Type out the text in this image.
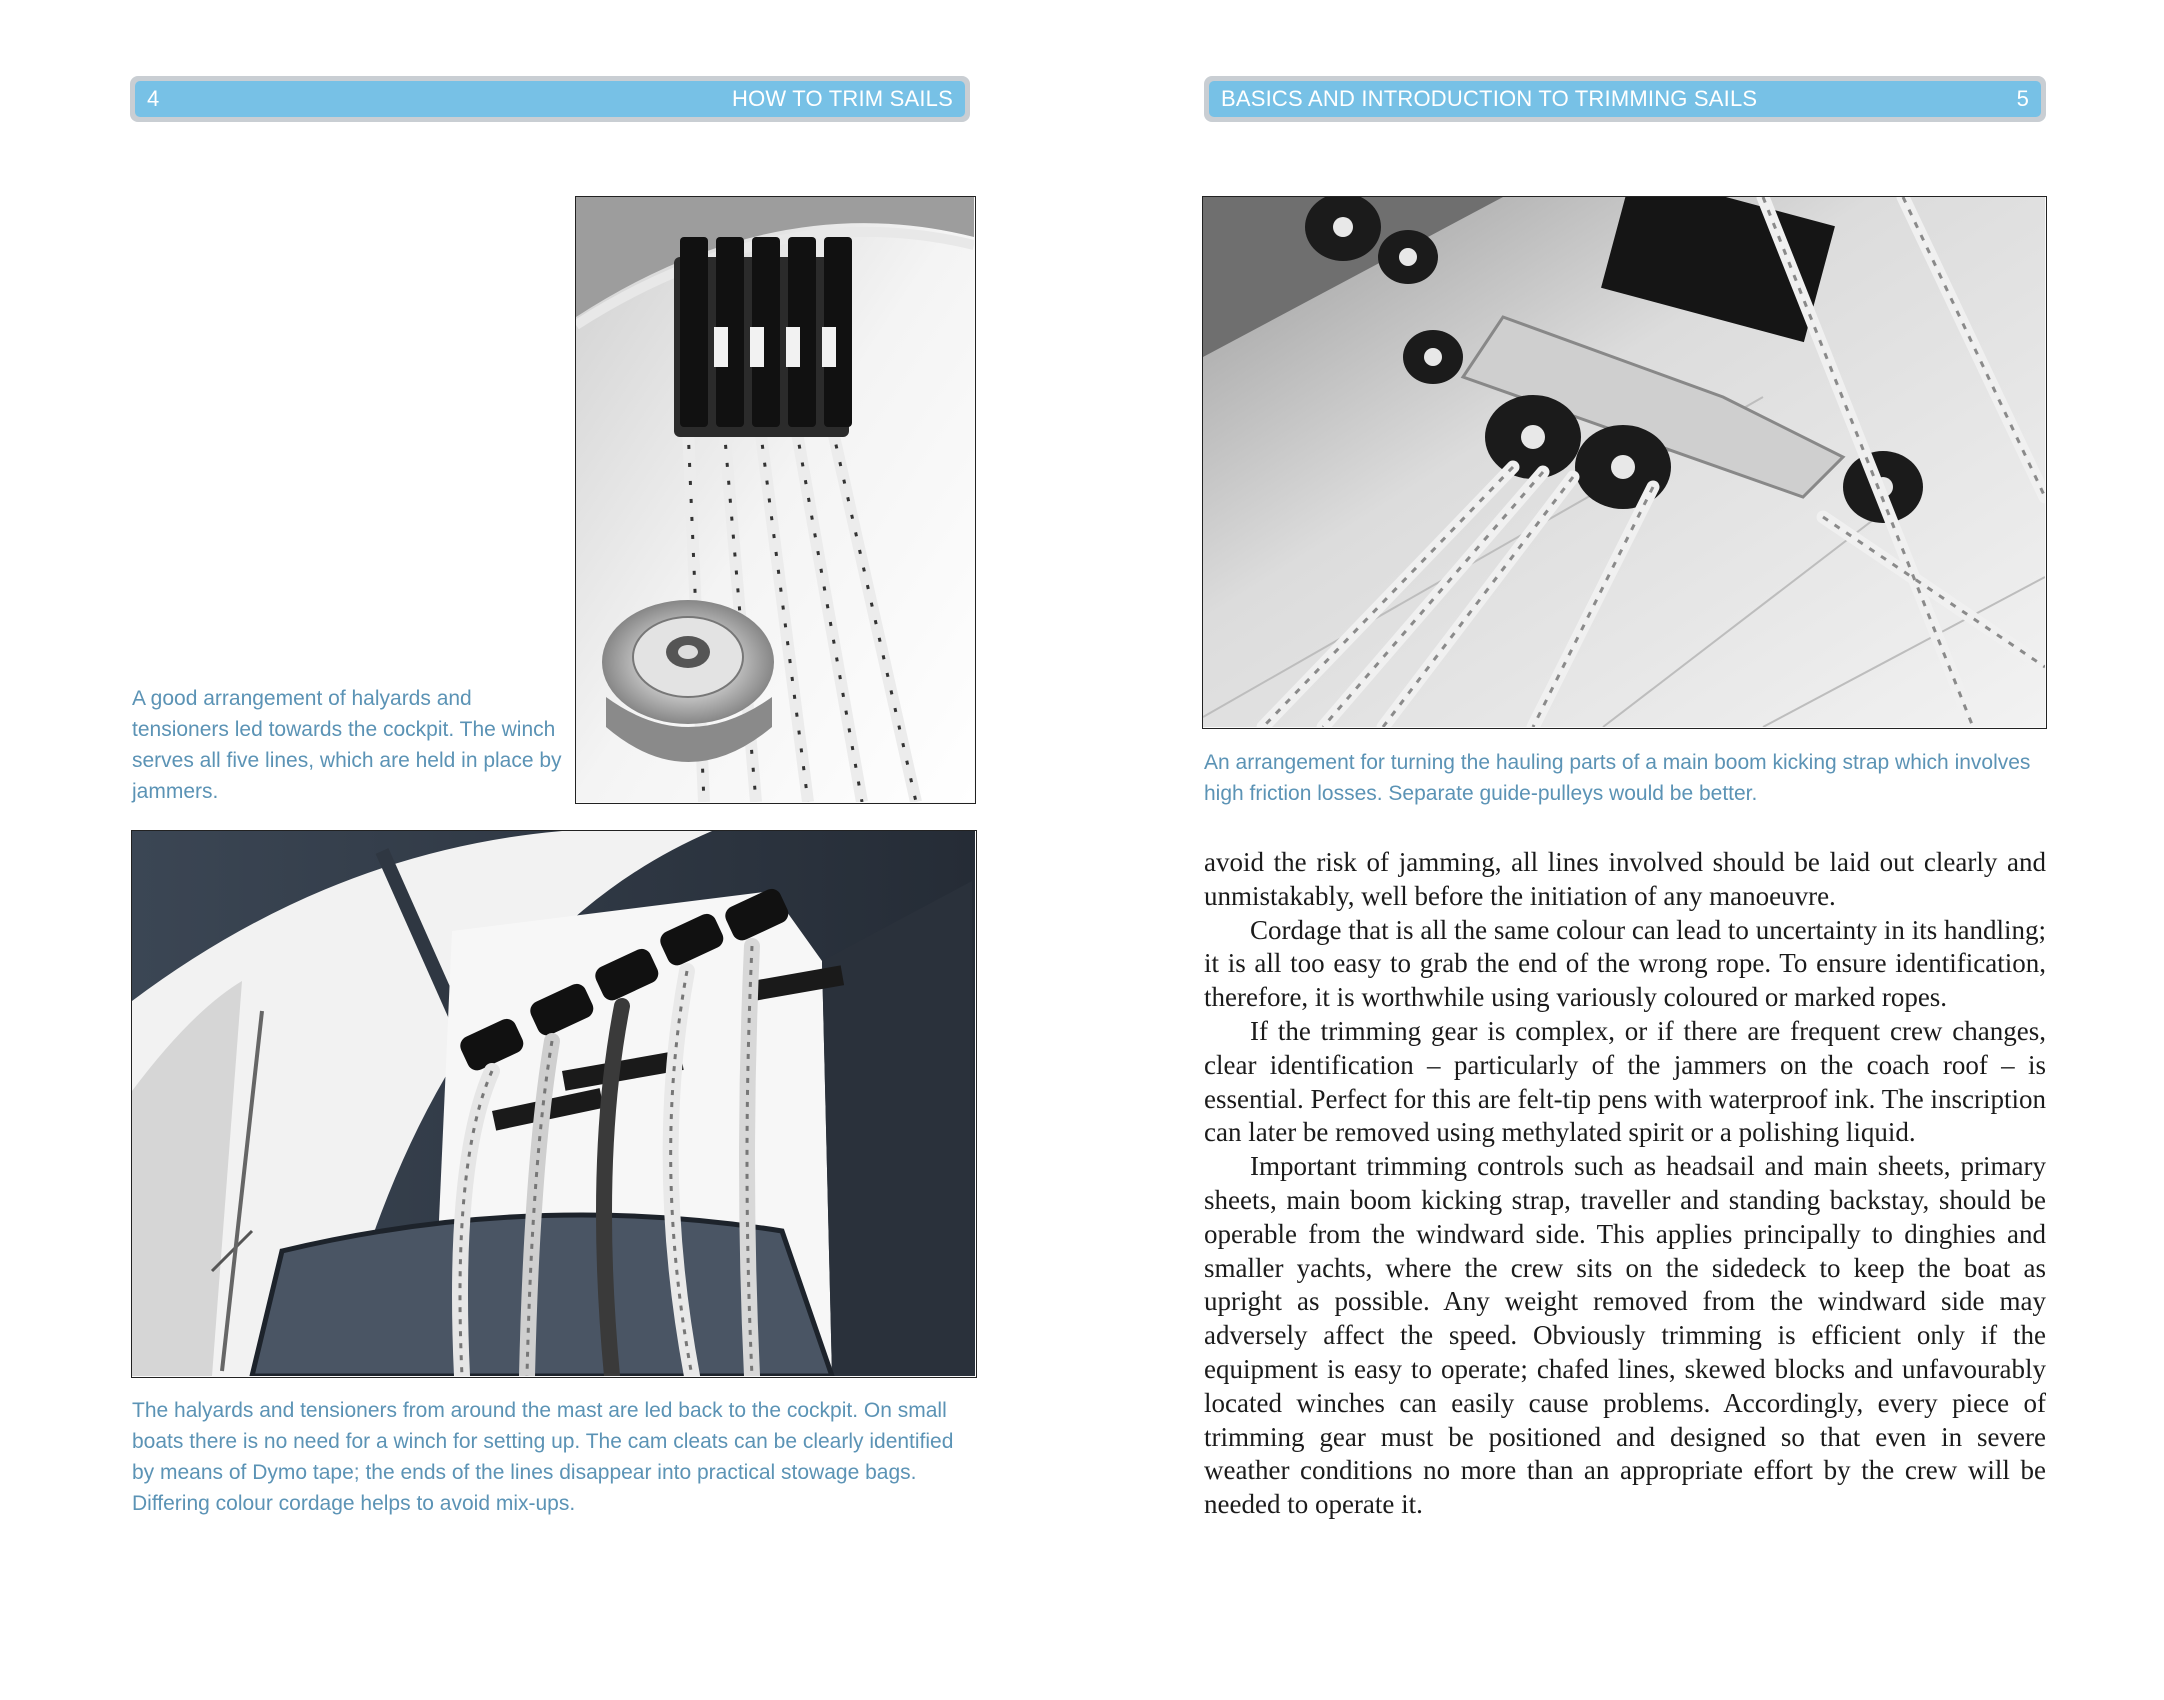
4	HOW TO TRIM SAILS
A good arrangement of halyards and tensioners led towards the cockpit. The winch serves all five lines, which are held in place by jammers.
The halyards and tensioners from around the mast are led back to the cockpit. On small boats there is no need for a winch for setting up. The cam cleats can be clearly identified by means of Dymo tape; the ends of the lines disappear into practical stowage bags. Differing colour cordage helps to avoid mix-ups.
BASICS AND INTRODUCTION TO TRIMMING SAILS	5
An arrangement for turning the hauling parts of a main boom kicking strap which involves high friction losses. Separate guide-pulleys would be better.

avoid the risk of jamming, all lines involved should be laid out clearly and unmistakably, well before the initiation of any manoeuvre.

Cordage that is all the same colour can lead to uncertainty in its handling; it is all too easy to grab the end of the wrong rope. To ensure identification, therefore, it is worthwhile using variously coloured or marked ropes.

If the trimming gear is complex, or if there are frequent crew changes, clear identification – particularly of the jammers on the coach roof – is essential. Perfect for this are felt-tip pens with waterproof ink. The inscription can later be removed using methylated spirit or a polishing liquid.

Important trimming controls such as headsail and main sheets, primary sheets, main boom kicking strap, traveller and standing backstay, should be operable from the windward side. This applies principally to dinghies and smaller yachts, where the crew sits on the sidedeck to keep the boat as upright as possible. Any weight removed from the windward side may adversely affect the speed. Obviously trimming is efficient only if the equipment is easy to operate; chafed lines, skewed blocks and unfavourably located winches can easily cause problems. Accordingly, every piece of trimming gear must be positioned and designed so that even in severe weather conditions no more than an appropriate effort by the crew will be needed to operate it.
